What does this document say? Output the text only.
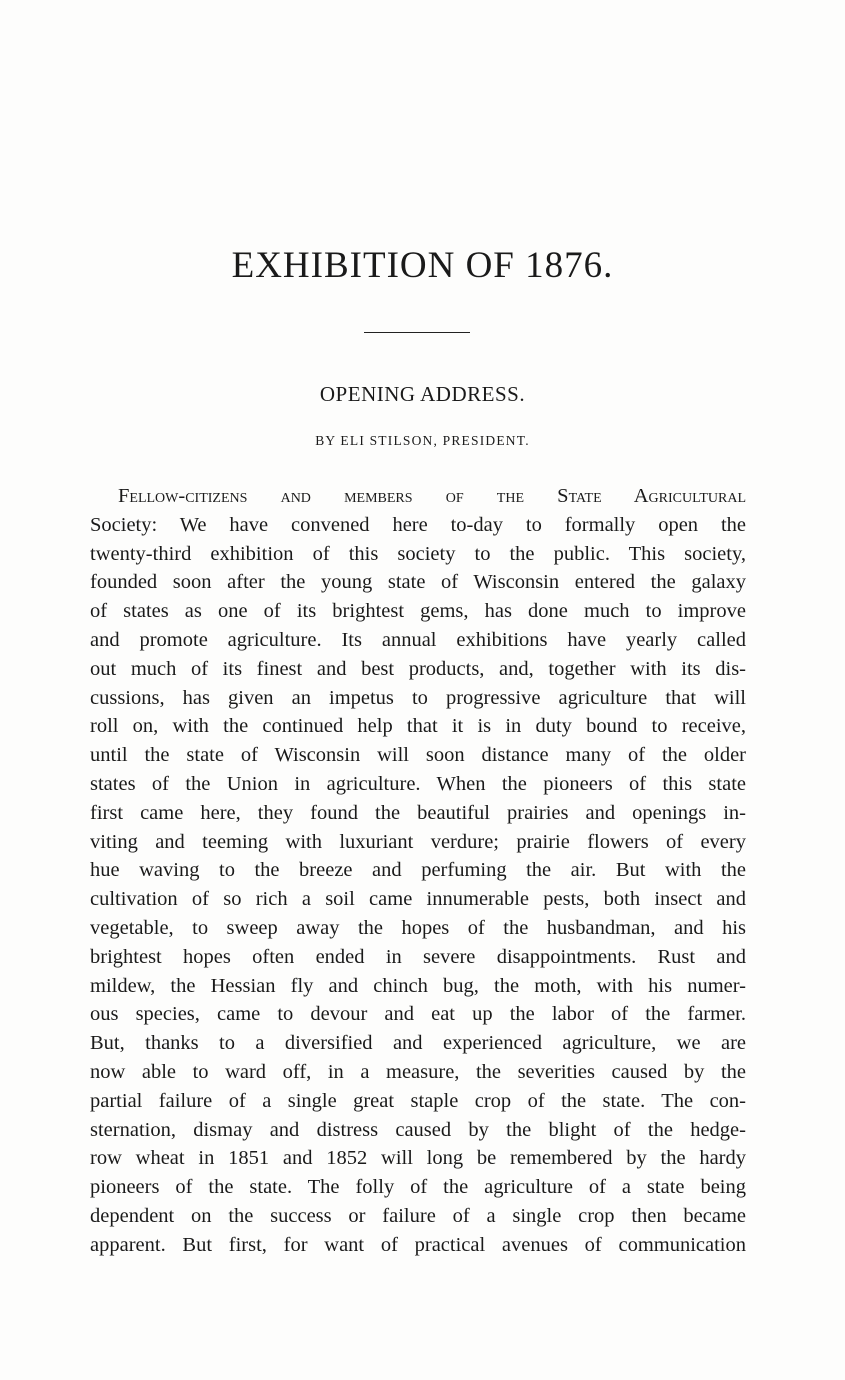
EXHIBITION OF 1876.
OPENING ADDRESS.
BY ELI STILSON, PRESIDENT.
Fellow-citizens and members of the State Agricultural
Society: We have convened here to-day to formally open the
twenty-third exhibition of this society to the public. This society,
founded soon after the young state of Wisconsin entered the galaxy
of states as one of its brightest gems, has done much to improve
and promote agriculture. Its annual exhibitions have yearly called
out much of its finest and best products, and, together with its dis-
cussions, has given an impetus to progressive agriculture that will
roll on, with the continued help that it is in duty bound to receive,
until the state of Wisconsin will soon distance many of the older
states of the Union in agriculture. When the pioneers of this state
first came here, they found the beautiful prairies and openings in-
viting and teeming with luxuriant verdure; prairie flowers of every
hue waving to the breeze and perfuming the air. But with the
cultivation of so rich a soil came innumerable pests, both insect and
vegetable, to sweep away the hopes of the husbandman, and his
brightest hopes often ended in severe disappointments. Rust and
mildew, the Hessian fly and chinch bug, the moth, with his numer-
ous species, came to devour and eat up the labor of the farmer.
But, thanks to a diversified and experienced agriculture, we are
now able to ward off, in a measure, the severities caused by the
partial failure of a single great staple crop of the state. The con-
sternation, dismay and distress caused by the blight of the hedge-
row wheat in 1851 and 1852 will long be remembered by the hardy
pioneers of the state. The folly of the agriculture of a state being
dependent on the success or failure of a single crop then became
apparent. But first, for want of practical avenues of communication
